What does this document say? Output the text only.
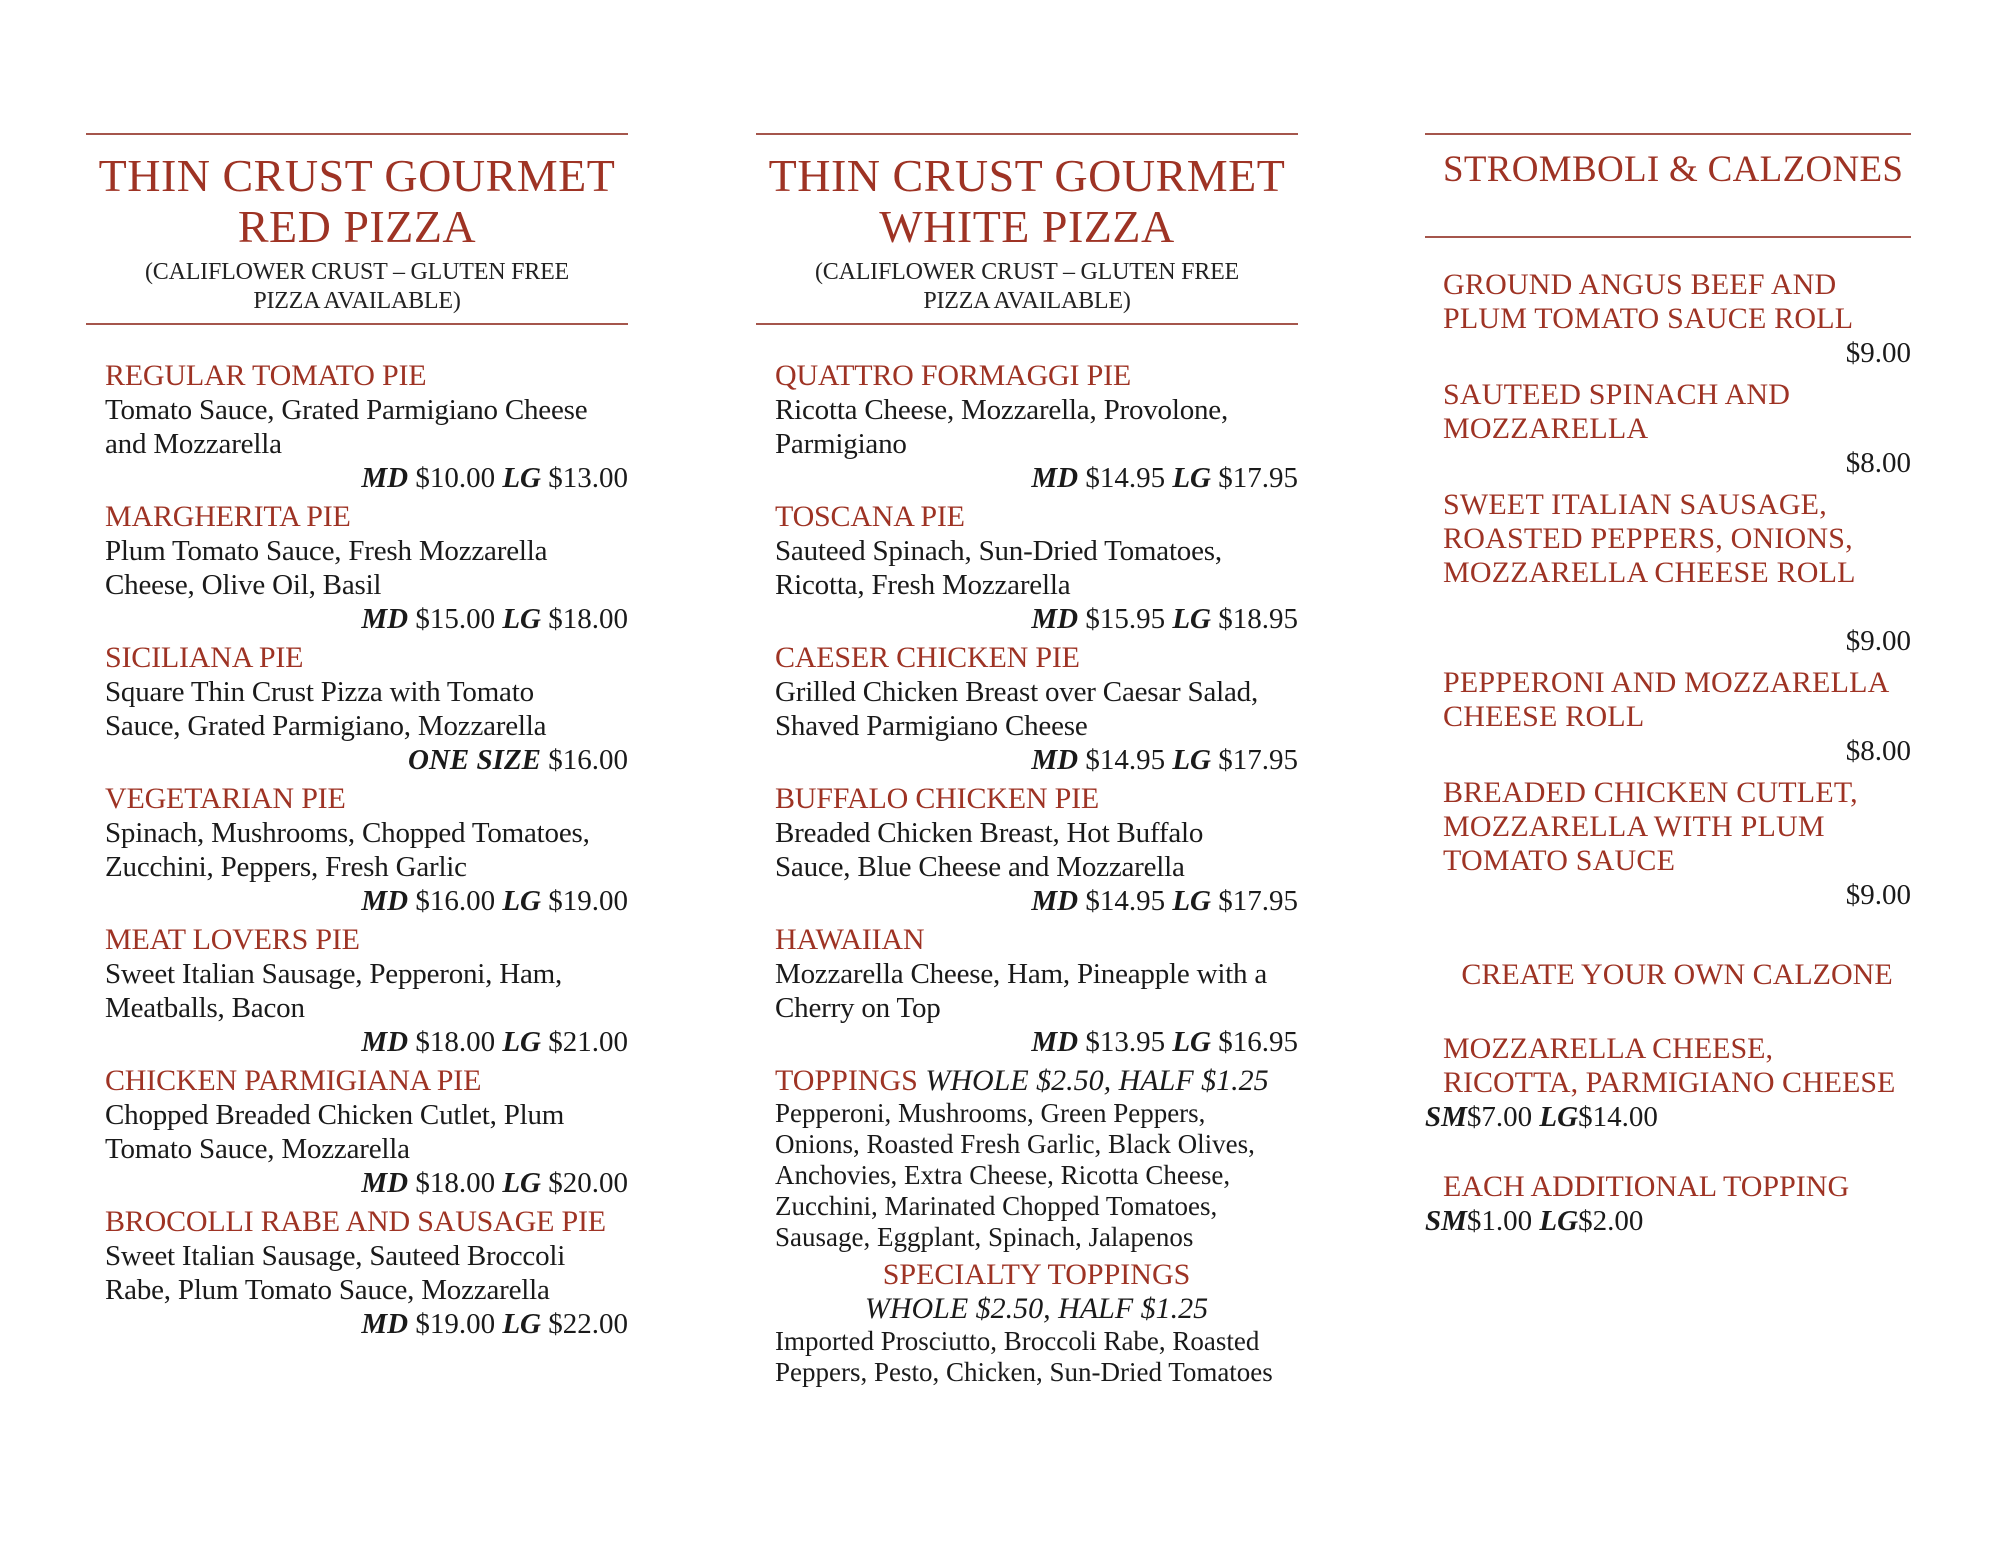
THIN CRUST GOURMET
RED PIZZA
(CALIFLOWER CRUST – GLUTEN FREE
PIZZA AVAILABLE)
REGULAR TOMATO PIE
Tomato Sauce, Grated Parmigiano Cheese
and Mozzarella
MD $10.00 LG $13.00
MARGHERITA PIE
Plum Tomato Sauce, Fresh Mozzarella
Cheese, Olive Oil, Basil
MD $15.00 LG $18.00
SICILIANA PIE
Square Thin Crust Pizza with Tomato
Sauce, Grated Parmigiano, Mozzarella
ONE SIZE $16.00
VEGETARIAN PIE
Spinach, Mushrooms, Chopped Tomatoes,
Zucchini, Peppers, Fresh Garlic
MD $16.00 LG $19.00
MEAT LOVERS PIE
Sweet Italian Sausage, Pepperoni, Ham,
Meatballs, Bacon
MD $18.00 LG $21.00
CHICKEN PARMIGIANA PIE
Chopped Breaded Chicken Cutlet, Plum
Tomato Sauce, Mozzarella
MD $18.00 LG $20.00
BROCOLLI RABE AND SAUSAGE PIE
Sweet Italian Sausage, Sauteed Broccoli
Rabe, Plum Tomato Sauce, Mozzarella
MD $19.00 LG $22.00
THIN CRUST GOURMET
WHITE PIZZA
(CALIFLOWER CRUST – GLUTEN FREE
PIZZA AVAILABLE)
QUATTRO FORMAGGI PIE
Ricotta Cheese, Mozzarella, Provolone,
Parmigiano
MD $14.95 LG $17.95
TOSCANA PIE
Sauteed Spinach, Sun-Dried Tomatoes,
Ricotta, Fresh Mozzarella
MD $15.95 LG $18.95
CAESER CHICKEN PIE
Grilled Chicken Breast over Caesar Salad,
Shaved Parmigiano Cheese
MD $14.95 LG $17.95
BUFFALO CHICKEN PIE
Breaded Chicken Breast, Hot Buffalo
Sauce, Blue Cheese and Mozzarella
MD $14.95 LG $17.95
HAWAIIAN
Mozzarella Cheese, Ham, Pineapple with a
Cherry on Top
MD $13.95 LG $16.95
TOPPINGS WHOLE $2.50, HALF $1.25
Pepperoni, Mushrooms, Green Peppers,
Onions, Roasted Fresh Garlic, Black Olives,
Anchovies, Extra Cheese, Ricotta Cheese,
Zucchini, Marinated Chopped Tomatoes,
Sausage, Eggplant, Spinach, Jalapenos
SPECIALTY TOPPINGS
WHOLE $2.50, HALF $1.25
Imported Prosciutto, Broccoli Rabe, Roasted
Peppers, Pesto, Chicken, Sun-Dried Tomatoes
STROMBOLI & CALZONES
GROUND ANGUS BEEF AND
PLUM TOMATO SAUCE ROLL
$9.00
SAUTEED SPINACH AND
MOZZARELLA
$8.00
SWEET ITALIAN SAUSAGE,
ROASTED PEPPERS, ONIONS,
MOZZARELLA CHEESE ROLL
$9.00
PEPPERONI AND MOZZARELLA
CHEESE ROLL
$8.00
BREADED CHICKEN CUTLET,
MOZZARELLA WITH PLUM
TOMATO SAUCE
$9.00
CREATE YOUR OWN CALZONE
MOZZARELLA CHEESE,
RICOTTA, PARMIGIANO CHEESE
SM$7.00 LG$14.00
EACH ADDITIONAL TOPPING
SM$1.00 LG$2.00
